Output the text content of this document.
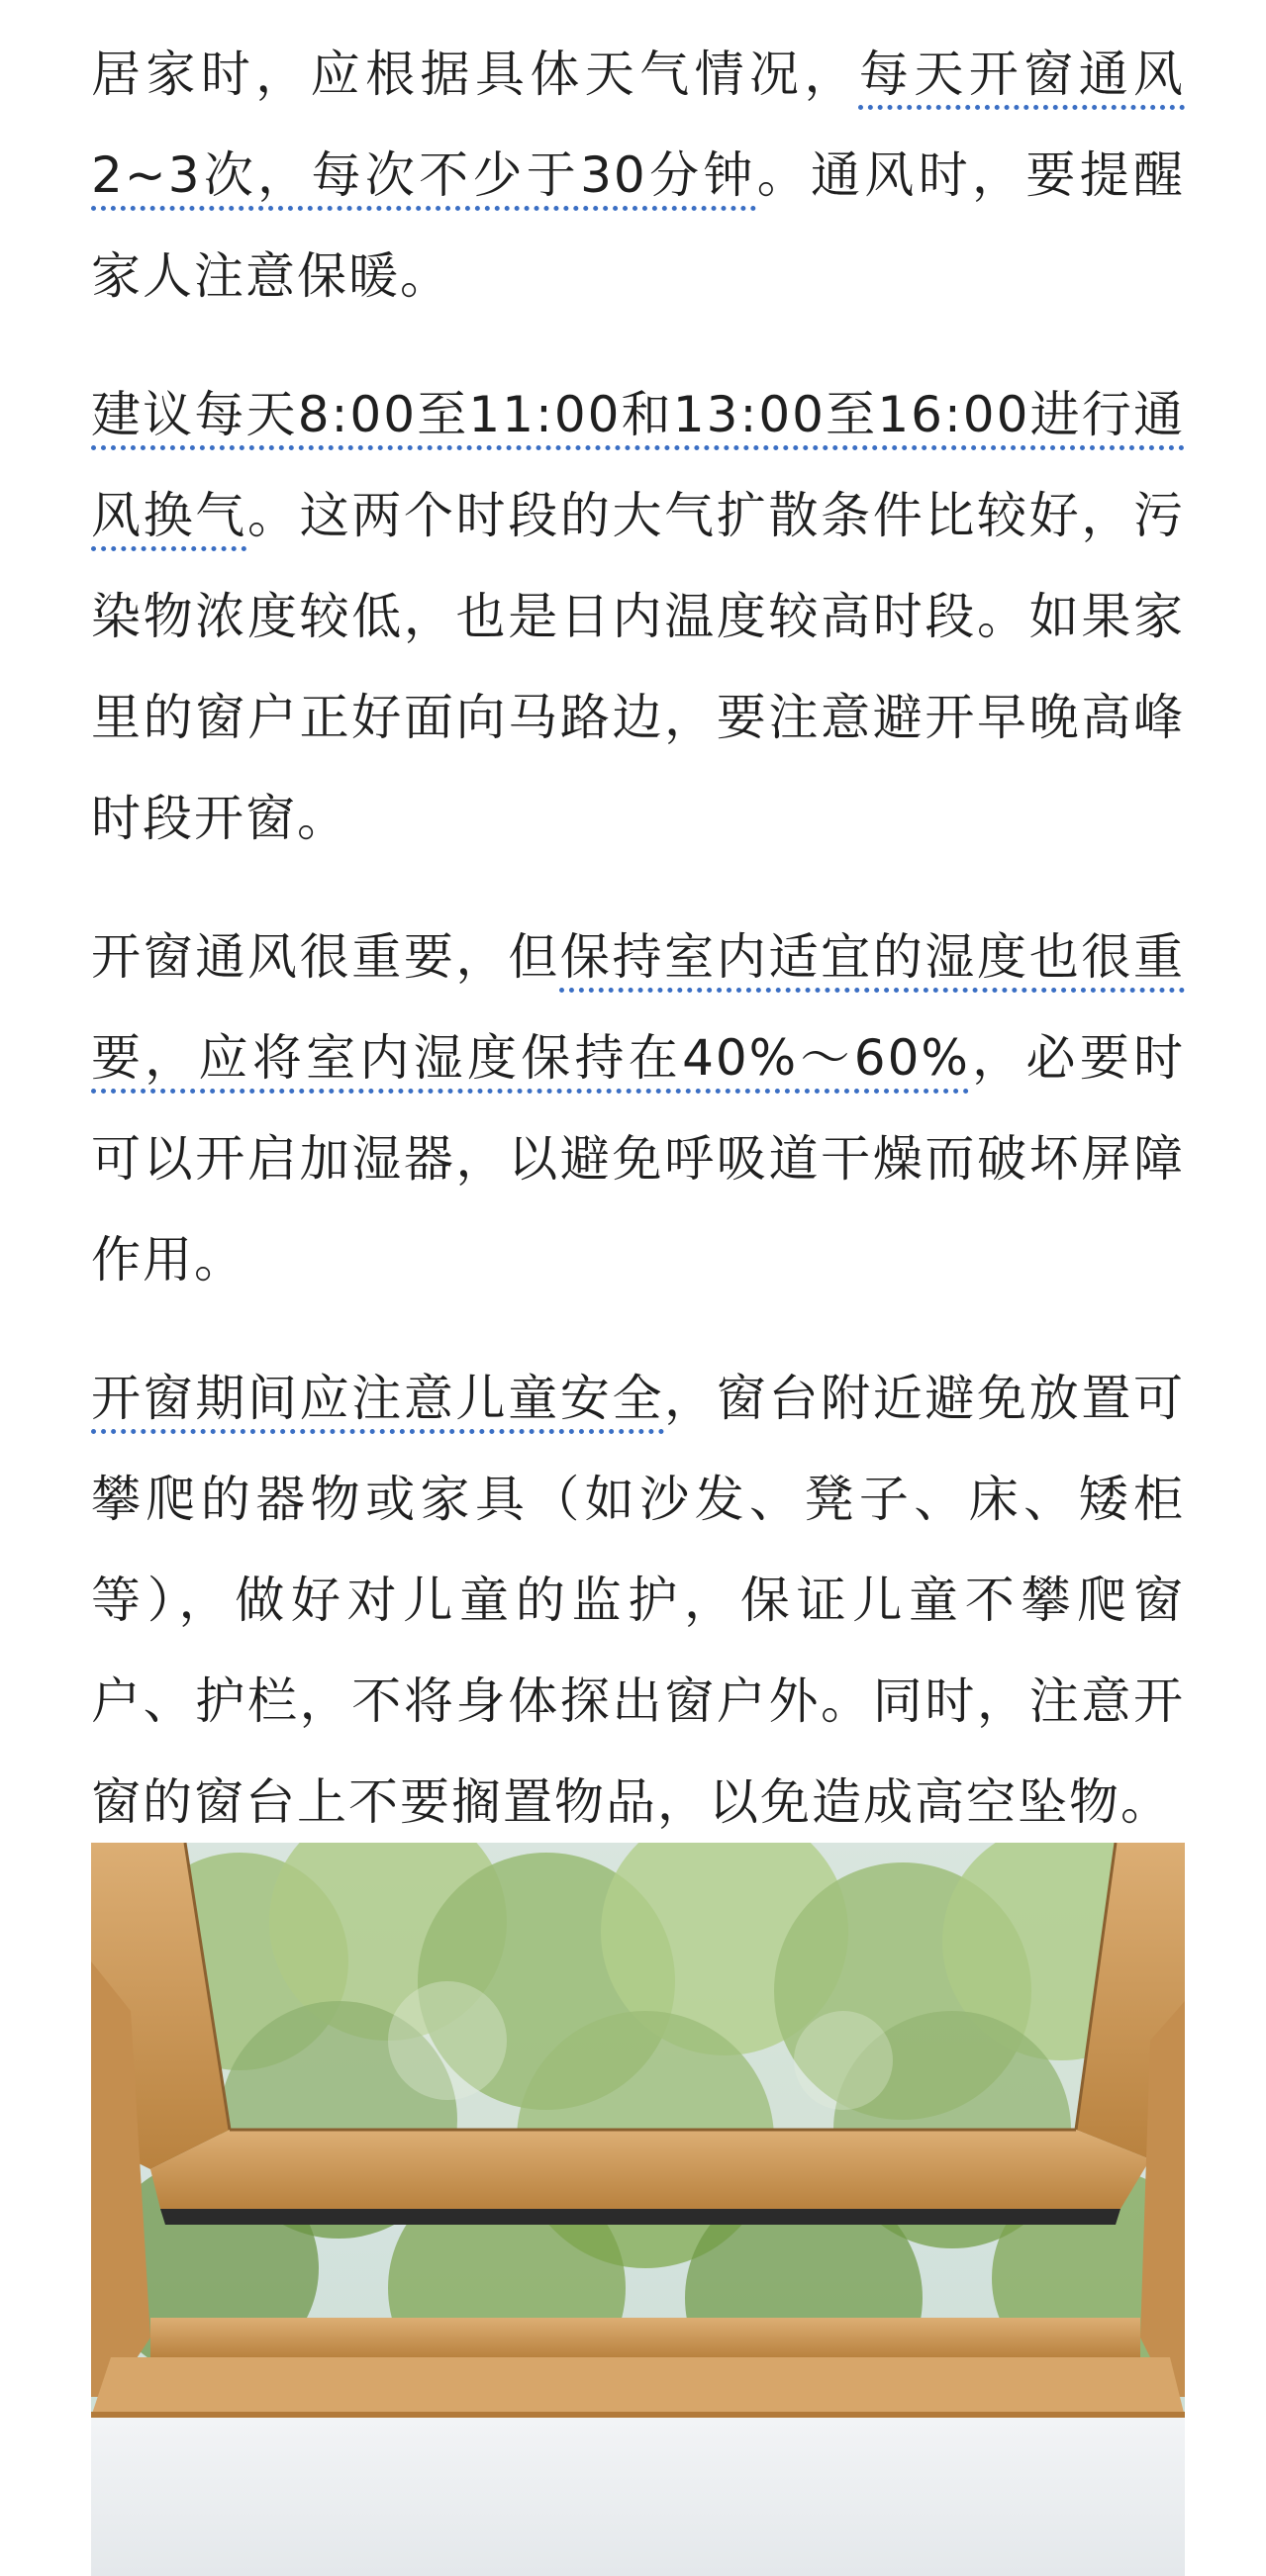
居家时，应根据具体天气情况，每天开窗通风2~3次，每次不少于30分钟。通风时，要提醒家人注意保暖。

建议每天8:00至11:00和13:00至16:00进行通风换气。这两个时段的大气扩散条件比较好，污染物浓度较低，也是日内温度较高时段。如果家里的窗户正好面向马路边，要注意避开早晚高峰时段开窗。

开窗通风很重要，但保持室内适宜的湿度也很重要，应将室内湿度保持在40%～60%，必要时可以开启加湿器，以避免呼吸道干燥而破坏屏障作用。

开窗期间应注意儿童安全，窗台附近避免放置可攀爬的器物或家具（如沙发、凳子、床、矮柜等），做好对儿童的监护，保证儿童不攀爬窗户、护栏，不将身体探出窗户外。同时，注意开窗的窗台上不要搁置物品，以免造成高空坠物。
